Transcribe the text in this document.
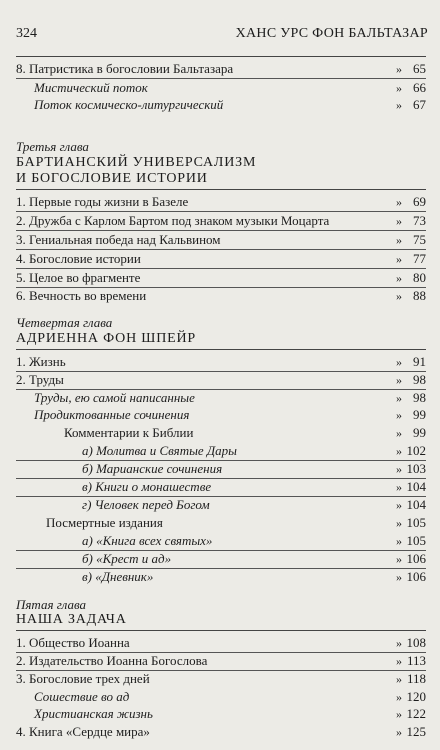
324	ХАНС УРС ФОН БАЛЬТАЗАР
8. Патристика в богословии Бальтазара	» 65
Мистический поток	» 66
Поток космическо-литургический	» 67
Третья глава
БАРТИАНСКИЙ УНИВЕРСАЛИЗМ
И БОГОСЛОВИЕ ИСТОРИИ
1. Первые годы жизни в Базеле	» 69
2. Дружба с Карлом Бартом под знаком музыки Моцарта	» 73
3. Гениальная победа над Кальвином	» 75
4. Богословие истории	» 77
5. Целое во фрагменте	» 80
6. Вечность во времени	» 88
Четвертая глава
АДРИЕННА ФОН ШПЕЙР
1. Жизнь	» 91
2. Труды	» 98
Труды, ею самой написанные	» 98
Продиктованные сочинения	» 99
Комментарии к Библии	» 99
а) Молитва и Святые Дары	» 102
б) Марианские сочинения	» 103
в) Книги о монашестве	» 104
г) Человек перед Богом	» 104
Посмертные издания	» 105
а) «Книга всех святых»	» 105
б) «Крест и ад»	» 106
в) «Дневник»	» 106
Пятая глава
НАША ЗАДАЧА
1. Общество Иоанна	» 108
2. Издательство Иоанна Богослова	» 113
3. Богословие трех дней	» 118
Сошествие во ад	» 120
Христианская жизнь	» 122
4. Книга «Сердце мира»	» 125
